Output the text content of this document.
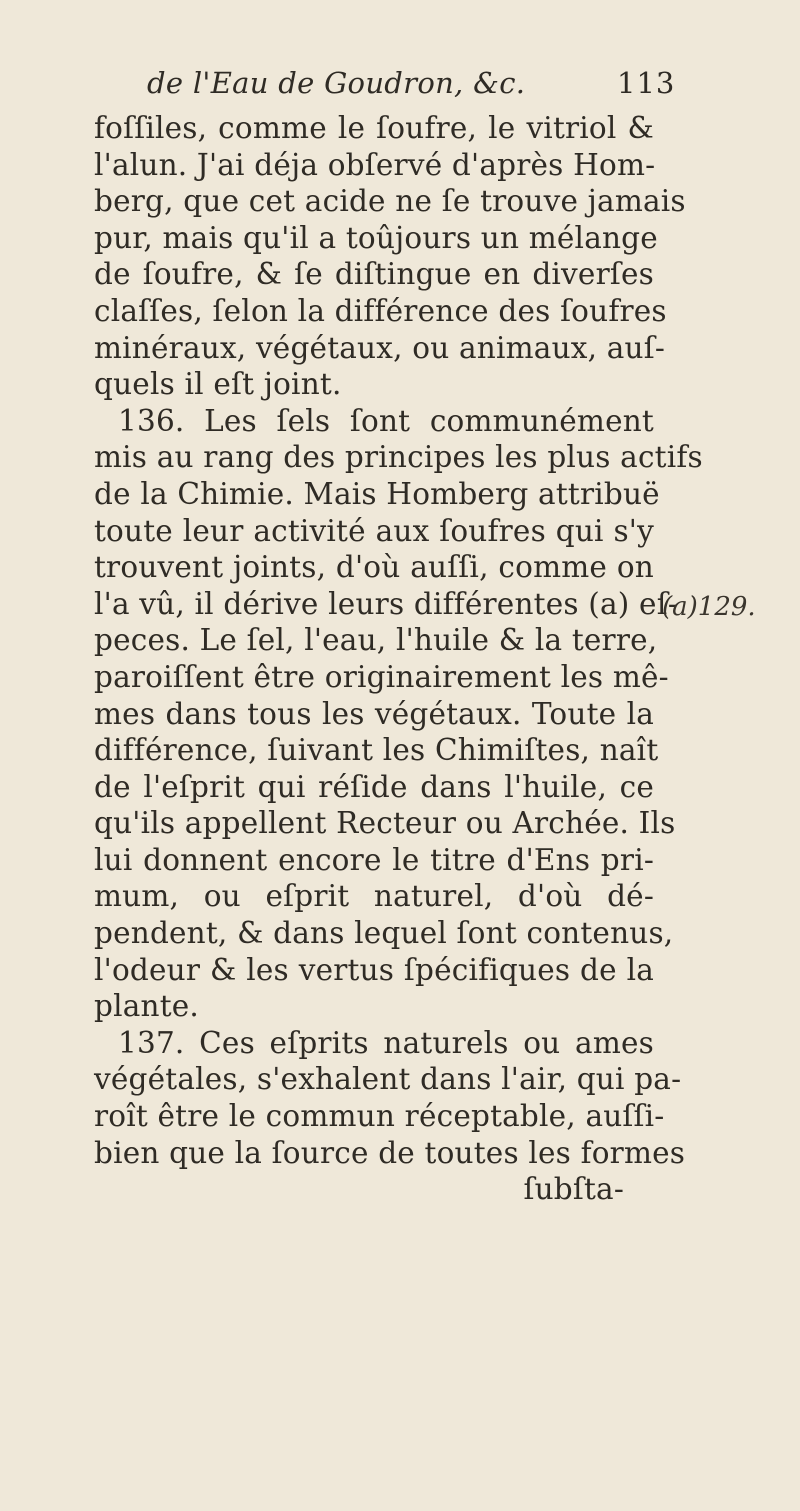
de l'Eau de Goudron, &c.	113
foſſiles, comme le ſoufre, le vitriol &
l'alun. J'ai déja obſervé d'après Hom-
berg, que cet acide ne ſe trouve jamais
pur, mais qu'il a toûjours un mélange
de ſoufre, & ſe diſtingue en diverſes
claſſes, ſelon la différence des ſoufres
minéraux, végétaux, ou animaux, auſ-
quels il eſt joint.
136. Les ſels ſont communément
mis au rang des principes les plus actifs
de la Chimie. Mais Homberg attribuë
toute leur activité aux ſoufres qui s'y
trouvent joints, d'où auſſi, comme on
l'a vû, il dérive leurs différentes (a) eſ-
peces. Le ſel, l'eau, l'huile & la terre,
paroiſſent être originairement les mê-
mes dans tous les végétaux. Toute la
différence, ſuivant les Chimiſtes, naît
de l'eſprit qui réſide dans l'huile, ce
qu'ils appellent Recteur ou Archée. Ils
lui donnent encore le titre d'Ens pri-
mum, ou eſprit naturel, d'où dé-
pendent, & dans lequel ſont contenus,
l'odeur & les vertus ſpécifiques de la
plante.
137. Ces eſprits naturels ou ames
végétales, s'exhalent dans l'air, qui pa-
roît être le commun réceptable, auſſi-
bien que la ſource de toutes les formes
ſubſta-
(a)129.
